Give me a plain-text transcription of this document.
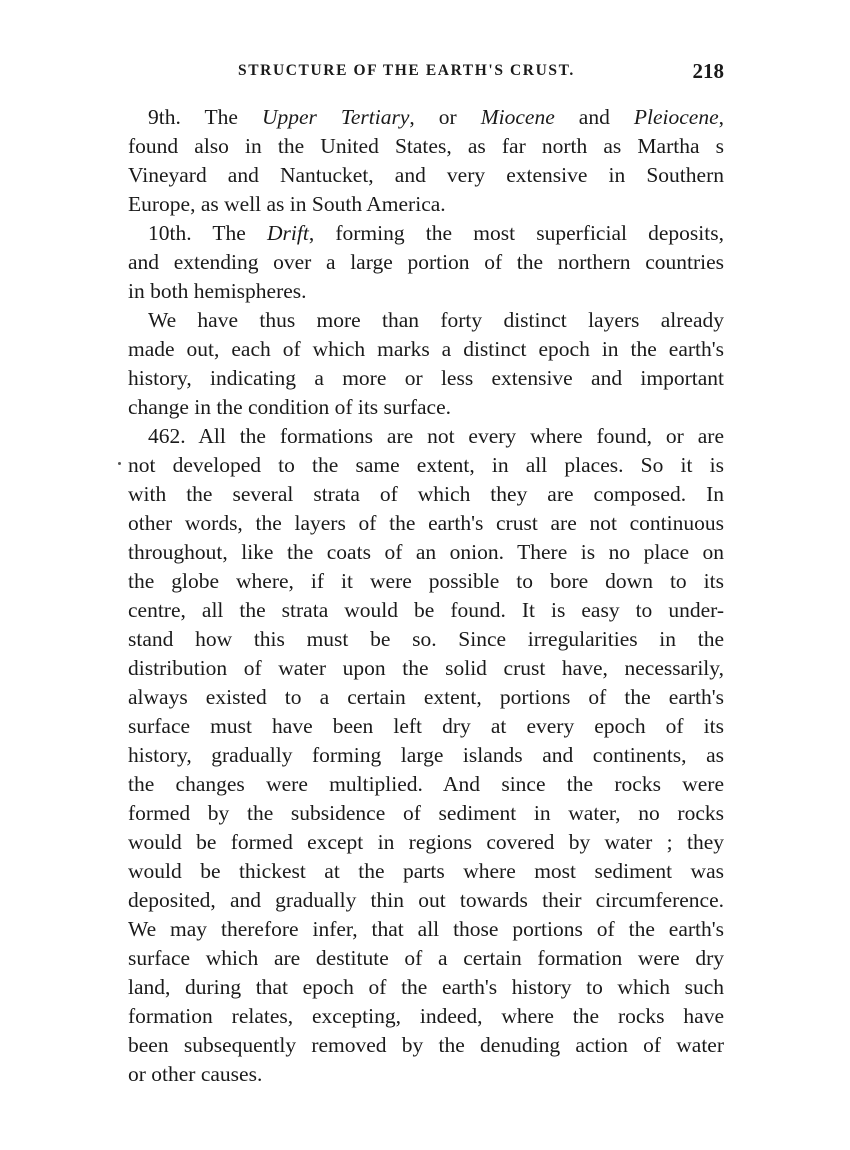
STRUCTURE OF THE EARTH'S CRUST.	218
9th. The Upper Tertiary, or Miocene and Pleiocene,
found also in the United States, as far north as Martha s
Vineyard and Nantucket, and very extensive in Southern
Europe, as well as in South America.
10th. The Drift, forming the most superficial deposits,
and extending over a large portion of the northern countries
in both hemispheres.
We have thus more than forty distinct layers already
made out, each of which marks a distinct epoch in the earth's
history, indicating a more or less extensive and important
change in the condition of its surface.
462. All the formations are not every where found, or are
not developed to the same extent, in all places. So it is
with the several strata of which they are composed. In
other words, the layers of the earth's crust are not continuous
throughout, like the coats of an onion. There is no place on
the globe where, if it were possible to bore down to its
centre, all the strata would be found. It is easy to under-
stand how this must be so. Since irregularities in the
distribution of water upon the solid crust have, necessarily,
always existed to a certain extent, portions of the earth's
surface must have been left dry at every epoch of its
history, gradually forming large islands and continents, as
the changes were multiplied. And since the rocks were
formed by the subsidence of sediment in water, no rocks
would be formed except in regions covered by water ; they
would be thickest at the parts where most sediment was
deposited, and gradually thin out towards their circumference.
We may therefore infer, that all those portions of the earth's
surface which are destitute of a certain formation were dry
land, during that epoch of the earth's history to which such
formation relates, excepting, indeed, where the rocks have
been subsequently removed by the denuding action of water
or other causes.
